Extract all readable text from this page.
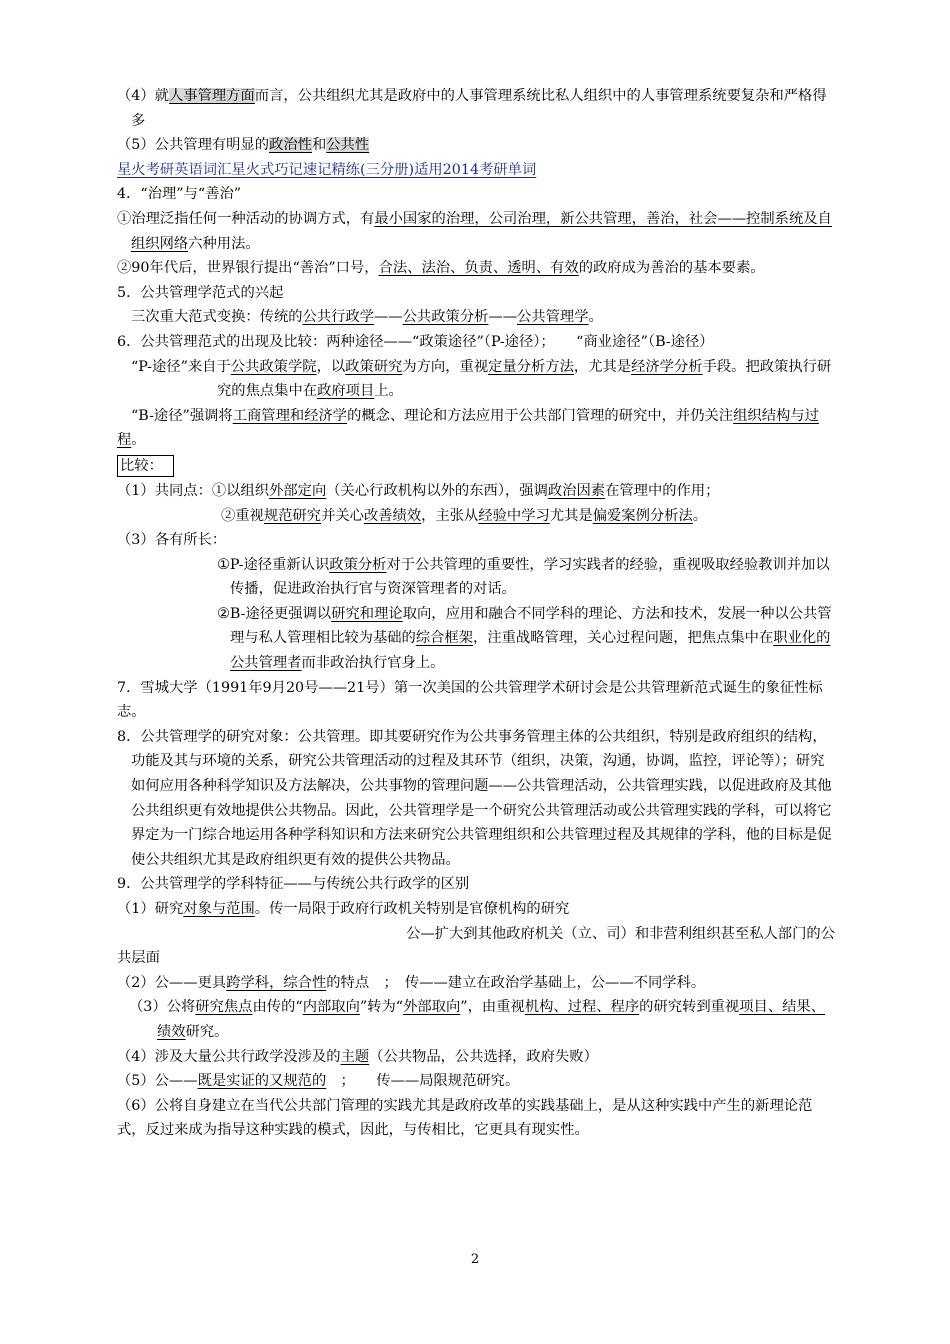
（4）就人事管理方面而言，公共组织尤其是政府中的人事管理系统比私人组织中的人事管理系统要复杂和严格得多

（5）公共管理有明显的政治性和公共性

星火考研英语词汇星火式巧记速记精练(三分册)适用2014考研单词

4．“治理”与“善治”

①治理泛指任何一种活动的协调方式，有最小国家的治理，公司治理，新公共管理，善治，社会——控制系统及自组织网络六种用法。

②90年代后，世界银行提出“善治”口号，合法、法治、负责、透明、有效的政府成为善治的基本要素。

5．公共管理学范式的兴起

三次重大范式变换：传统的公共行政学——公共政策分析——公共管理学。

6．公共管理范式的出现及比较：两种途径——“政策途径”（P-途径）；　　“商业途径”（B-途径）

“P-途径”来自于公共政策学院，以政策研究为方向，重视定量分析方法，尤其是经济学分析手段。把政策执行研究的焦点集中在政府项目上。

“B-途径”强调将工商管理和经济学的概念、理论和方法应用于公共部门管理的研究中，并仍关注组织结构与过程。

比较：

（1）共同点：①以组织外部定向（关心行政机构以外的东西），强调政治因素在管理中的作用；

②重视规范研究并关心改善绩效，主张从经验中学习尤其是偏爱案例分析法。

（3）各有所长：

①P-途径重新认识政策分析对于公共管理的重要性，学习实践者的经验，重视吸取经验教训并加以传播，促进政治执行官与资深管理者的对话。

②B-途径更强调以研究和理论取向，应用和融合不同学科的理论、方法和技术，发展一种以公共管理与私人管理相比较为基础的综合框架，注重战略管理，关心过程问题，把焦点集中在职业化的公共管理者而非政治执行官身上。

7．雪城大学（1991年9月20号——21号）第一次美国的公共管理学术研讨会是公共管理新范式诞生的象征性标志。

8．公共管理学的研究对象：公共管理。即其要研究作为公共事务管理主体的公共组织，特别是政府组织的结构，功能及其与环境的关系，研究公共管理活动的过程及其环节（组织，决策，沟通，协调，监控，评论等）；研究如何应用各种科学知识及方法解决，公共事物的管理问题——公共管理活动，公共管理实践，以促进政府及其他公共组织更有效地提供公共物品。因此，公共管理学是一个研究公共管理活动或公共管理实践的学科，可以将它界定为一门综合地运用各种学科知识和方法来研究公共管理组织和公共管理过程及其规律的学科，他的目标是促使公共组织尤其是政府组织更有效的提供公共物品。

9．公共管理学的学科特征——与传统公共行政学的区别

（1）研究对象与范围。传一局限于政府行政机关特别是官僚机构的研究

公—扩大到其他政府机关（立、司）和非营利组织甚至私人部门的公

共层面

（2）公——更具跨学科，综合性的特点　；　传——建立在政治学基础上，公——不同学科。

（3）公将研究焦点由传的“内部取向”转为“外部取向”，由重视机构、过程、程序的研究转到重视项目、结果、绩效研究。

（4）涉及大量公共行政学没涉及的主题（公共物品，公共选择，政府失败）

（5）公——既是实证的又规范的　；　　传——局限规范研究。

（6）公将自身建立在当代公共部门管理的实践尤其是政府改革的实践基础上，是从这种实践中产生的新理论范式，反过来成为指导这种实践的模式，因此，与传相比，它更具有现实性。

2
